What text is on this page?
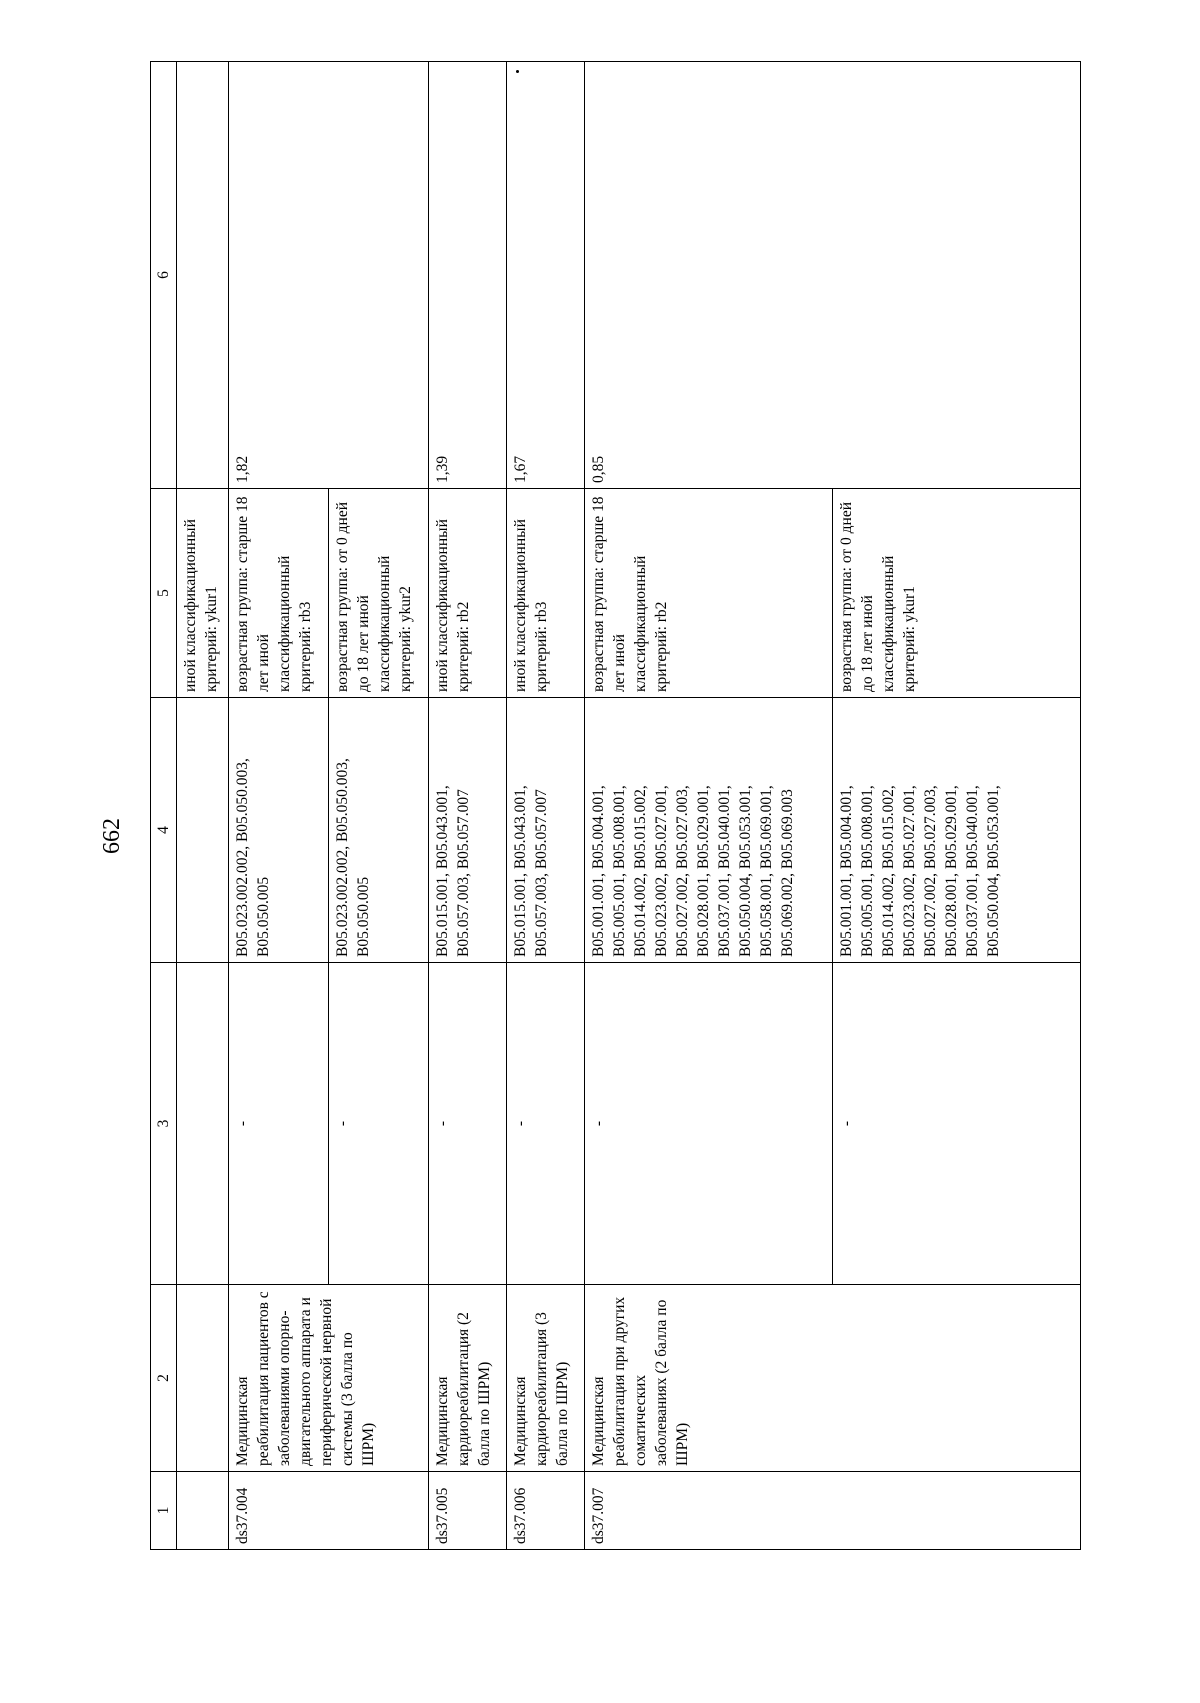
662
1	2	3	4	5	6
				иной классификационный критерий: ykur1	
ds37.004	Медицинская реабилитация пациентов с заболеваниями опорно-двигательного аппарата и периферической нервной системы (3 балла по ШРМ)	-	B05.023.002.002, B05.050.003, B05.050.005	возрастная группа: старше 18 лет иной классификационный критерий: rb3	1,82
		-	B05.023.002.002, B05.050.003, B05.050.005	возрастная группа: от 0 дней до 18 лет иной классификационный критерий: ykur2	
ds37.005	Медицинская кардиореабилитация (2 балла по ШРМ)	-	B05.015.001, B05.043.001, B05.057.003, B05.057.007	иной классификационный критерий: rb2	1,39
ds37.006	Медицинская кардиореабилитация (3 балла по ШРМ)	-	B05.015.001, B05.043.001, B05.057.003, B05.057.007	иной классификационный критерий: rb3	1,67
ds37.007	Медицинская реабилитация при других соматических заболеваниях (2 балла по ШРМ)	-	B05.001.001, B05.004.001, B05.005.001, B05.008.001, B05.014.002, B05.015.002, B05.023.002, B05.027.001, B05.027.002, B05.027.003, B05.028.001, B05.029.001, B05.037.001, B05.040.001, B05.050.004, B05.053.001, B05.058.001, B05.069.001, B05.069.002, B05.069.003	возрастная группа: старше 18 лет иной классификационный критерий: rb2	0,85
		-	B05.001.001, B05.004.001, B05.005.001, B05.008.001, B05.014.002, B05.015.002, B05.023.002, B05.027.001, B05.027.002, B05.027.003, B05.028.001, B05.029.001, B05.037.001, B05.040.001, B05.050.004, B05.053.001,	возрастная группа: от 0 дней до 18 лет иной классификационный критерий: ykur1	
